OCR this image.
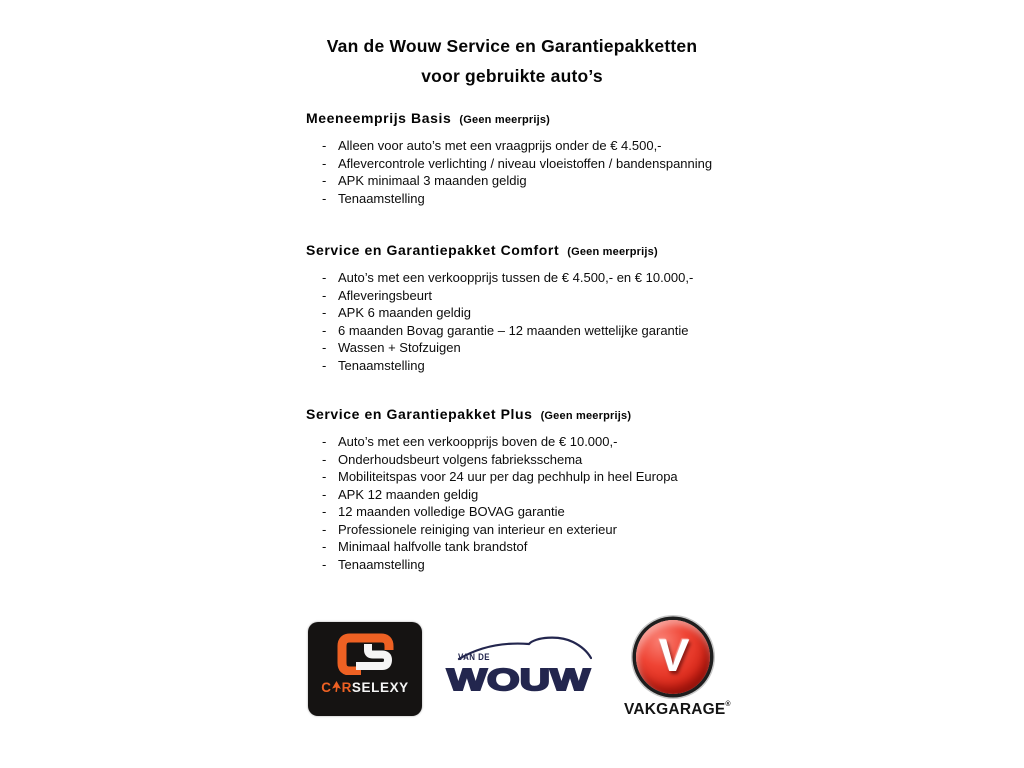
Van de Wouw Service en Garantiepakketten
voor gebruikte auto’s
Meeneemprijs Basis (Geen meerprijs)
- Alleen voor auto’s met een vraagprijs onder de € 4.500,-
- Aflevercontrole verlichting / niveau vloeistoffen / bandenspanning
- APK minimaal 3 maanden geldig
- Tenaamstelling
Service en Garantiepakket Comfort (Geen meerprijs)
- Auto’s met een verkoopprijs tussen de € 4.500,- en € 10.000,-
- Afleveringsbeurt
- APK 6 maanden geldig
- 6 maanden Bovag garantie – 12 maanden wettelijke garantie
- Wassen + Stofzuigen
- Tenaamstelling
Service en Garantiepakket Plus (Geen meerprijs)
- Auto’s met een verkoopprijs boven de € 10.000,-
- Onderhoudsbeurt volgens fabrieksschema
- Mobiliteitspas voor 24 uur per dag pechhulp in heel Europa
- APK 12 maanden geldig
- 12 maanden volledige BOVAG garantie
- Professionele reiniging van interieur en exterieur
- Minimaal halfvolle tank brandstof
- Tenaamstelling
C RSELEXY
VAN DE
WOUW V
VAKGARAGE®
